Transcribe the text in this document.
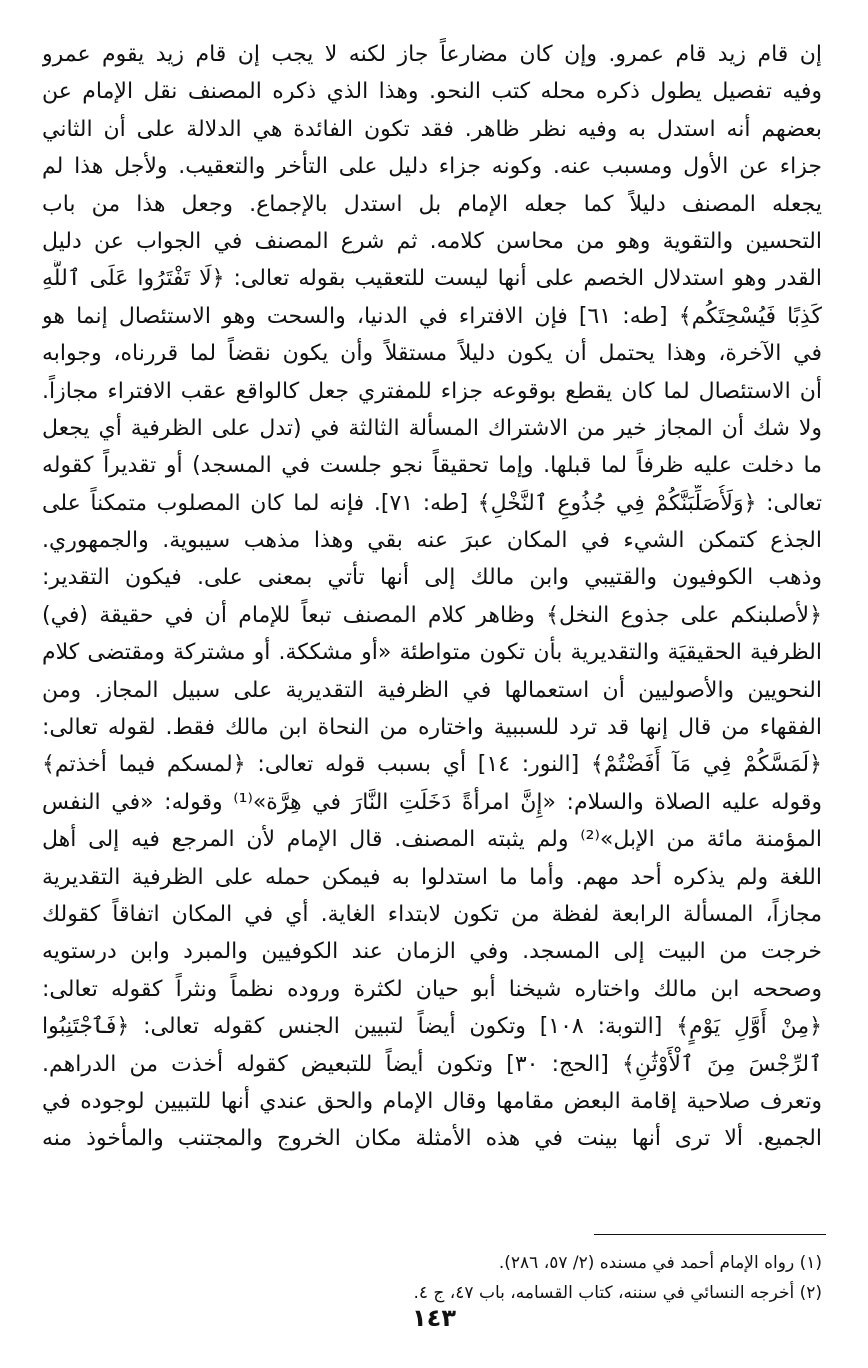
إن قام زيد قام عمرو. وإن كان مضارعاً جاز لكنه لا يجب إن قام زيد يقوم عمرو
وفيه تفصيل يطول ذكره محله كتب النحو. وهذا الذي ذكره المصنف نقل الإمام عن
بعضهم أنه استدل به وفيه نظر ظاهر. فقد تكون الفائدة هي الدلالة على أن الثاني
جزاء عن الأول ومسبب عنه. وكونه جزاء دليل على التأخر والتعقيب. ولأجل هذا لم
يجعله المصنف دليلاً كما جعله الإمام بل استدل بالإجماع. وجعل هذا من باب
التحسين والتقوية وهو من محاسن كلامه. ثم شرع المصنف في الجواب عن دليل
القدر وهو استدلال الخصم على أنها ليست للتعقيب بقوله تعالى: ﴿لَا تَفْتَرُوا عَلَى ٱللَّهِ
كَذِبًا فَيُسْحِتَكُم﴾ [طه: ٦١] فإن الافتراء في الدنيا، والسحت وهو الاستئصال إنما هو
في الآخرة، وهذا يحتمل أن يكون دليلاً مستقلاً وأن يكون نقضاً لما قررناه، وجوابه
أن الاستئصال لما كان يقطع بوقوعه جزاء للمفتري جعل كالواقع عقب الافتراء مجازاً.
ولا شك أن المجاز خير من الاشتراك المسألة الثالثة في (تدل على الظرفية أي يجعل
ما دخلت عليه ظرفاً لما قبلها. وإما تحقيقاً نجو جلست في المسجد) أو تقديراً كقوله
تعالى: ﴿وَلَأُصَلِّبَنَّكُمْ فِي جُذُوعِ ٱلنَّخْلِ﴾ [طه: ٧١]. فإنه لما كان المصلوب متمكناً على
الجذع كتمكن الشيء في المكان عبرَ عنه بقي وهذا مذهب سيبوية. والجمهوري.
وذهب الكوفيون والقتيبي وابن مالك إلى أنها تأتي بمعنى على. فيكون التقدير:
﴿لأصلبنكم على جذوع النخل﴾ وظاهر كلام المصنف تبعاً للإمام أن في حقيقة (في)
الظرفية الحقيقيَة والتقديرية بأن تكون متواطئة «أو مشككة. أو مشتركة ومقتضى كلام
النحويين والأصوليين أن استعمالها في الظرفية التقديرية على سبيل المجاز. ومن
الفقهاء من قال إنها قد ترد للسببية واختاره من النحاة ابن مالك فقط. لقوله تعالى:
﴿لَمَسَّكُمْ فِي مَآ أَفَضْتُمْ﴾ [النور: ١٤] أي بسبب قوله تعالى: ﴿لمسكم فيما أخذتم﴾
وقوله عليه الصلاة والسلام: «إِنَّ امرأةً دَخَلَتِ النَّارَ في هِرَّة»⁽¹⁾ وقوله: «في النفس
المؤمنة مائة من الإبل»⁽²⁾ ولم يثبته المصنف. قال الإمام لأن المرجع فيه إلى أهل
اللغة ولم يذكره أحد مهم. وأما ما استدلوا به فيمكن حمله على الظرفية التقديرية
مجازاً، المسألة الرابعة لفظة من تكون لابتداء الغاية. أي في المكان اتفاقاً كقولك
خرجت من البيت إلى المسجد. وفي الزمان عند الكوفيين والمبرد وابن درستويه
وصححه ابن مالك واختاره شيخنا أبو حيان لكثرة وروده نظماً ونثراً كقوله تعالى:
﴿مِنْ أَوَّلِ يَوْمٍ﴾ [التوبة: ١٠٨] وتكون أيضاً لتبيين الجنس كقوله تعالى: ﴿فَٱجْتَنِبُوا
ٱلرِّجْسَ مِنَ ٱلْأَوْثَٰنِ﴾ [الحج: ٣٠] وتكون أيضاً للتبعيض كقوله أخذت من الدراهم.
وتعرف صلاحية إقامة البعض مقامها وقال الإمام والحق عندي أنها للتبيين لوجوده في
الجميع. ألا ترى أنها بينت في هذه الأمثلة مكان الخروج والمجتنب والمأخوذ منه
(١) رواه الإمام أحمد في مسنده (٢/ ٥٧، ٢٨٦).
(٢) أخرجه النسائي في سننه، كتاب القسامه، باب ٤٧، ج ٤.
١٤٣
